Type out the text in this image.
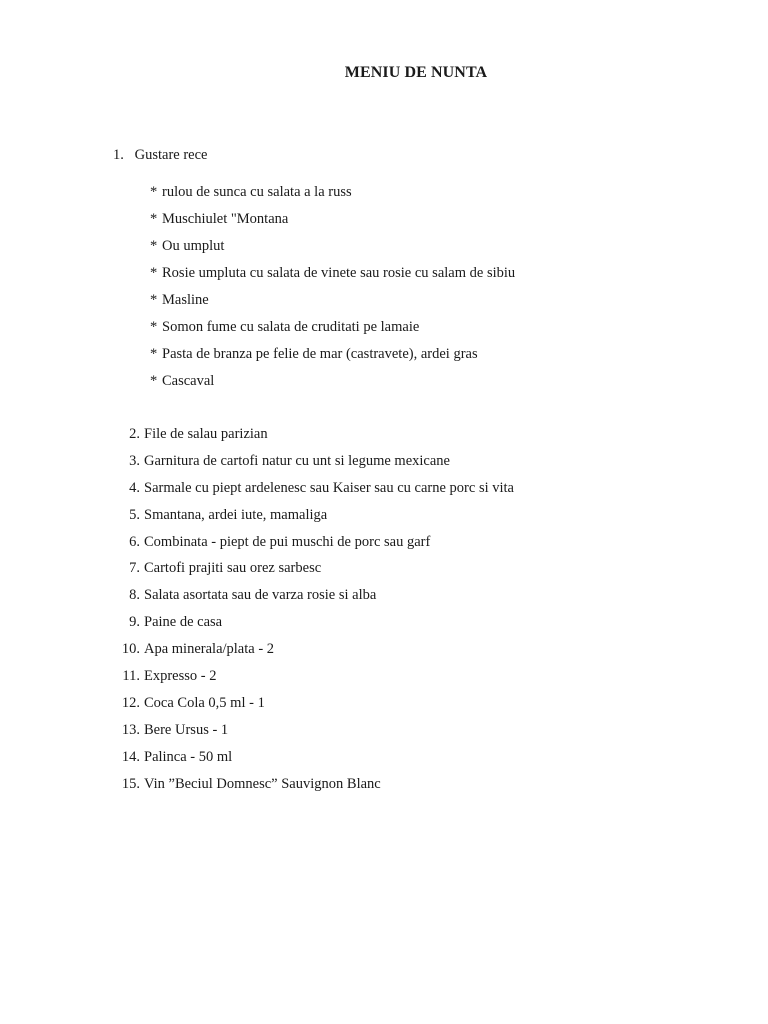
MENIU DE NUNTA
1. Gustare rece
* rulou de sunca cu salata a la russ
* Muschiulet "Montana
* Ou umplut
* Rosie umpluta cu salata de vinete sau rosie cu salam de sibiu
* Masline
* Somon fume cu salata de cruditati pe lamaie
* Pasta de branza pe felie de mar (castravete), ardei gras
* Cascaval
2. File de salau parizian
3. Garnitura de cartofi natur cu unt si legume mexicane
4. Sarmale cu piept ardelenesc sau Kaiser sau cu carne porc si vita
5. Smantana, ardei iute, mamaliga
6. Combinata - piept de pui muschi de porc sau garf
7. Cartofi prajiti sau orez sarbesc
8. Salata asortata sau de varza rosie si alba
9. Paine de casa
10. Apa minerala/plata - 2
11. Expresso - 2
12. Coca Cola 0,5 ml - 1
13. Bere Ursus - 1
14. Palinca - 50 ml
15. Vin ”Beciul Domnesc” Sauvignon Blanc
